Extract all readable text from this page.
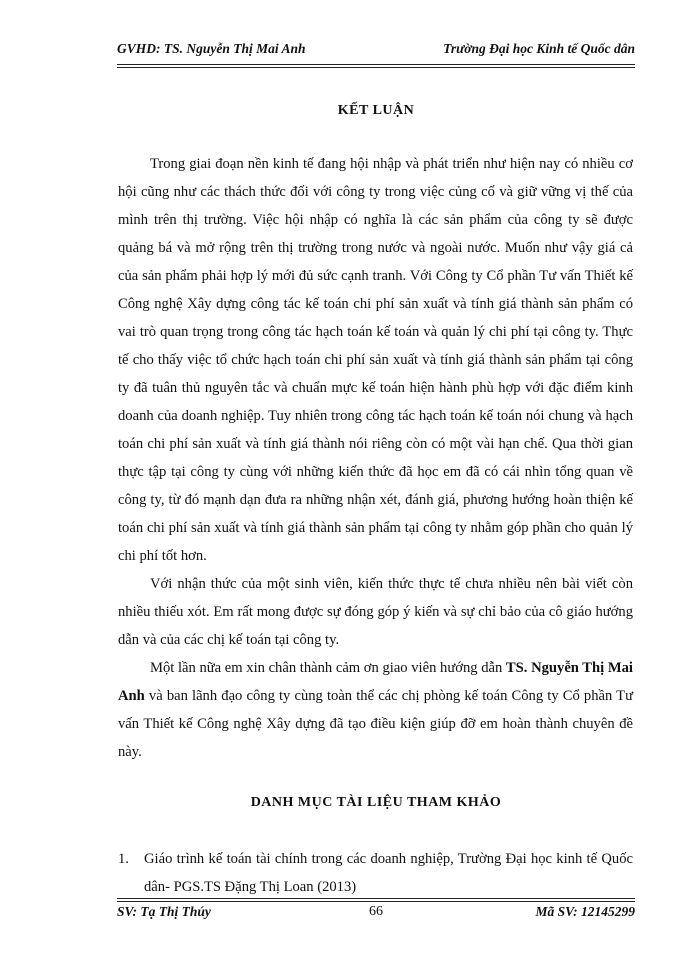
GVHD: TS. Nguyễn Thị Mai Anh	Trường Đại học Kinh tế Quốc dân
KẾT LUẬN

Trong giai đoạn nền kinh tế đang hội nhập và phát triển như hiện nay có nhiều cơ hội cũng như các thách thức đối với công ty trong việc củng cố và giữ vững vị thế của mình trên thị trường. Việc hội nhập có nghĩa là các sản phẩm của công ty sẽ được quảng bá và mở rộng trên thị trường trong nước và ngoài nước. Muốn như vậy giá cả của sản phẩm phải hợp lý mới đủ sức cạnh tranh. Với Công ty Cổ phần Tư vấn Thiết kế Công nghệ Xây dựng công tác kế toán chi phí sản xuất và tính giá thành sản phẩm có vai trò quan trọng trong công tác hạch toán kế toán và quản lý chi phí tại công ty. Thực tế cho thấy việc tổ chức hạch toán chi phí sản xuất và tính giá thành sản phẩm tại công ty đã tuân thủ nguyên tắc và chuẩn mực kế toán hiện hành phù hợp với đặc điểm kinh doanh của doanh nghiệp. Tuy nhiên trong công tác hạch toán kế toán nói chung và hạch toán chi phí sản xuất và tính giá thành nói riêng còn có một vài hạn chế. Qua thời gian thực tập tại công ty cùng với những kiến thức đã học em đã có cái nhìn tổng quan về công ty, từ đó mạnh dạn đưa ra những nhận xét, đánh giá, phương hướng hoàn thiện kế toán chi phí sản xuất và tính giá thành sản phẩm tại công ty nhằm góp phần cho quản lý chi phí tốt hơn.

Với nhận thức của một sinh viên, kiến thức thực tế chưa nhiều nên bài viết còn nhiều thiếu xót. Em rất mong được sự đóng góp ý kiến và sự chỉ bảo của cô giáo hướng dẫn và của các chị kế toán tại công ty.

Một lần nữa em xin chân thành cảm ơn giao viên hướng dẫn TS. Nguyễn Thị Mai Anh và ban lãnh đạo công ty cùng toàn thể các chị phòng kế toán Công ty Cổ phần Tư vấn Thiết kế Công nghệ Xây dựng đã tạo điều kiện giúp đỡ em hoàn thành chuyên đề này.

DANH MỤC TÀI LIỆU THAM KHẢO
1. Giáo trình kế toán tài chính trong các doanh nghiệp, Trường Đại học kinh tế Quốc dân- PGS.TS Đặng Thị Loan (2013)
SV: Tạ Thị Thúy	66	Mã SV: 12145299
